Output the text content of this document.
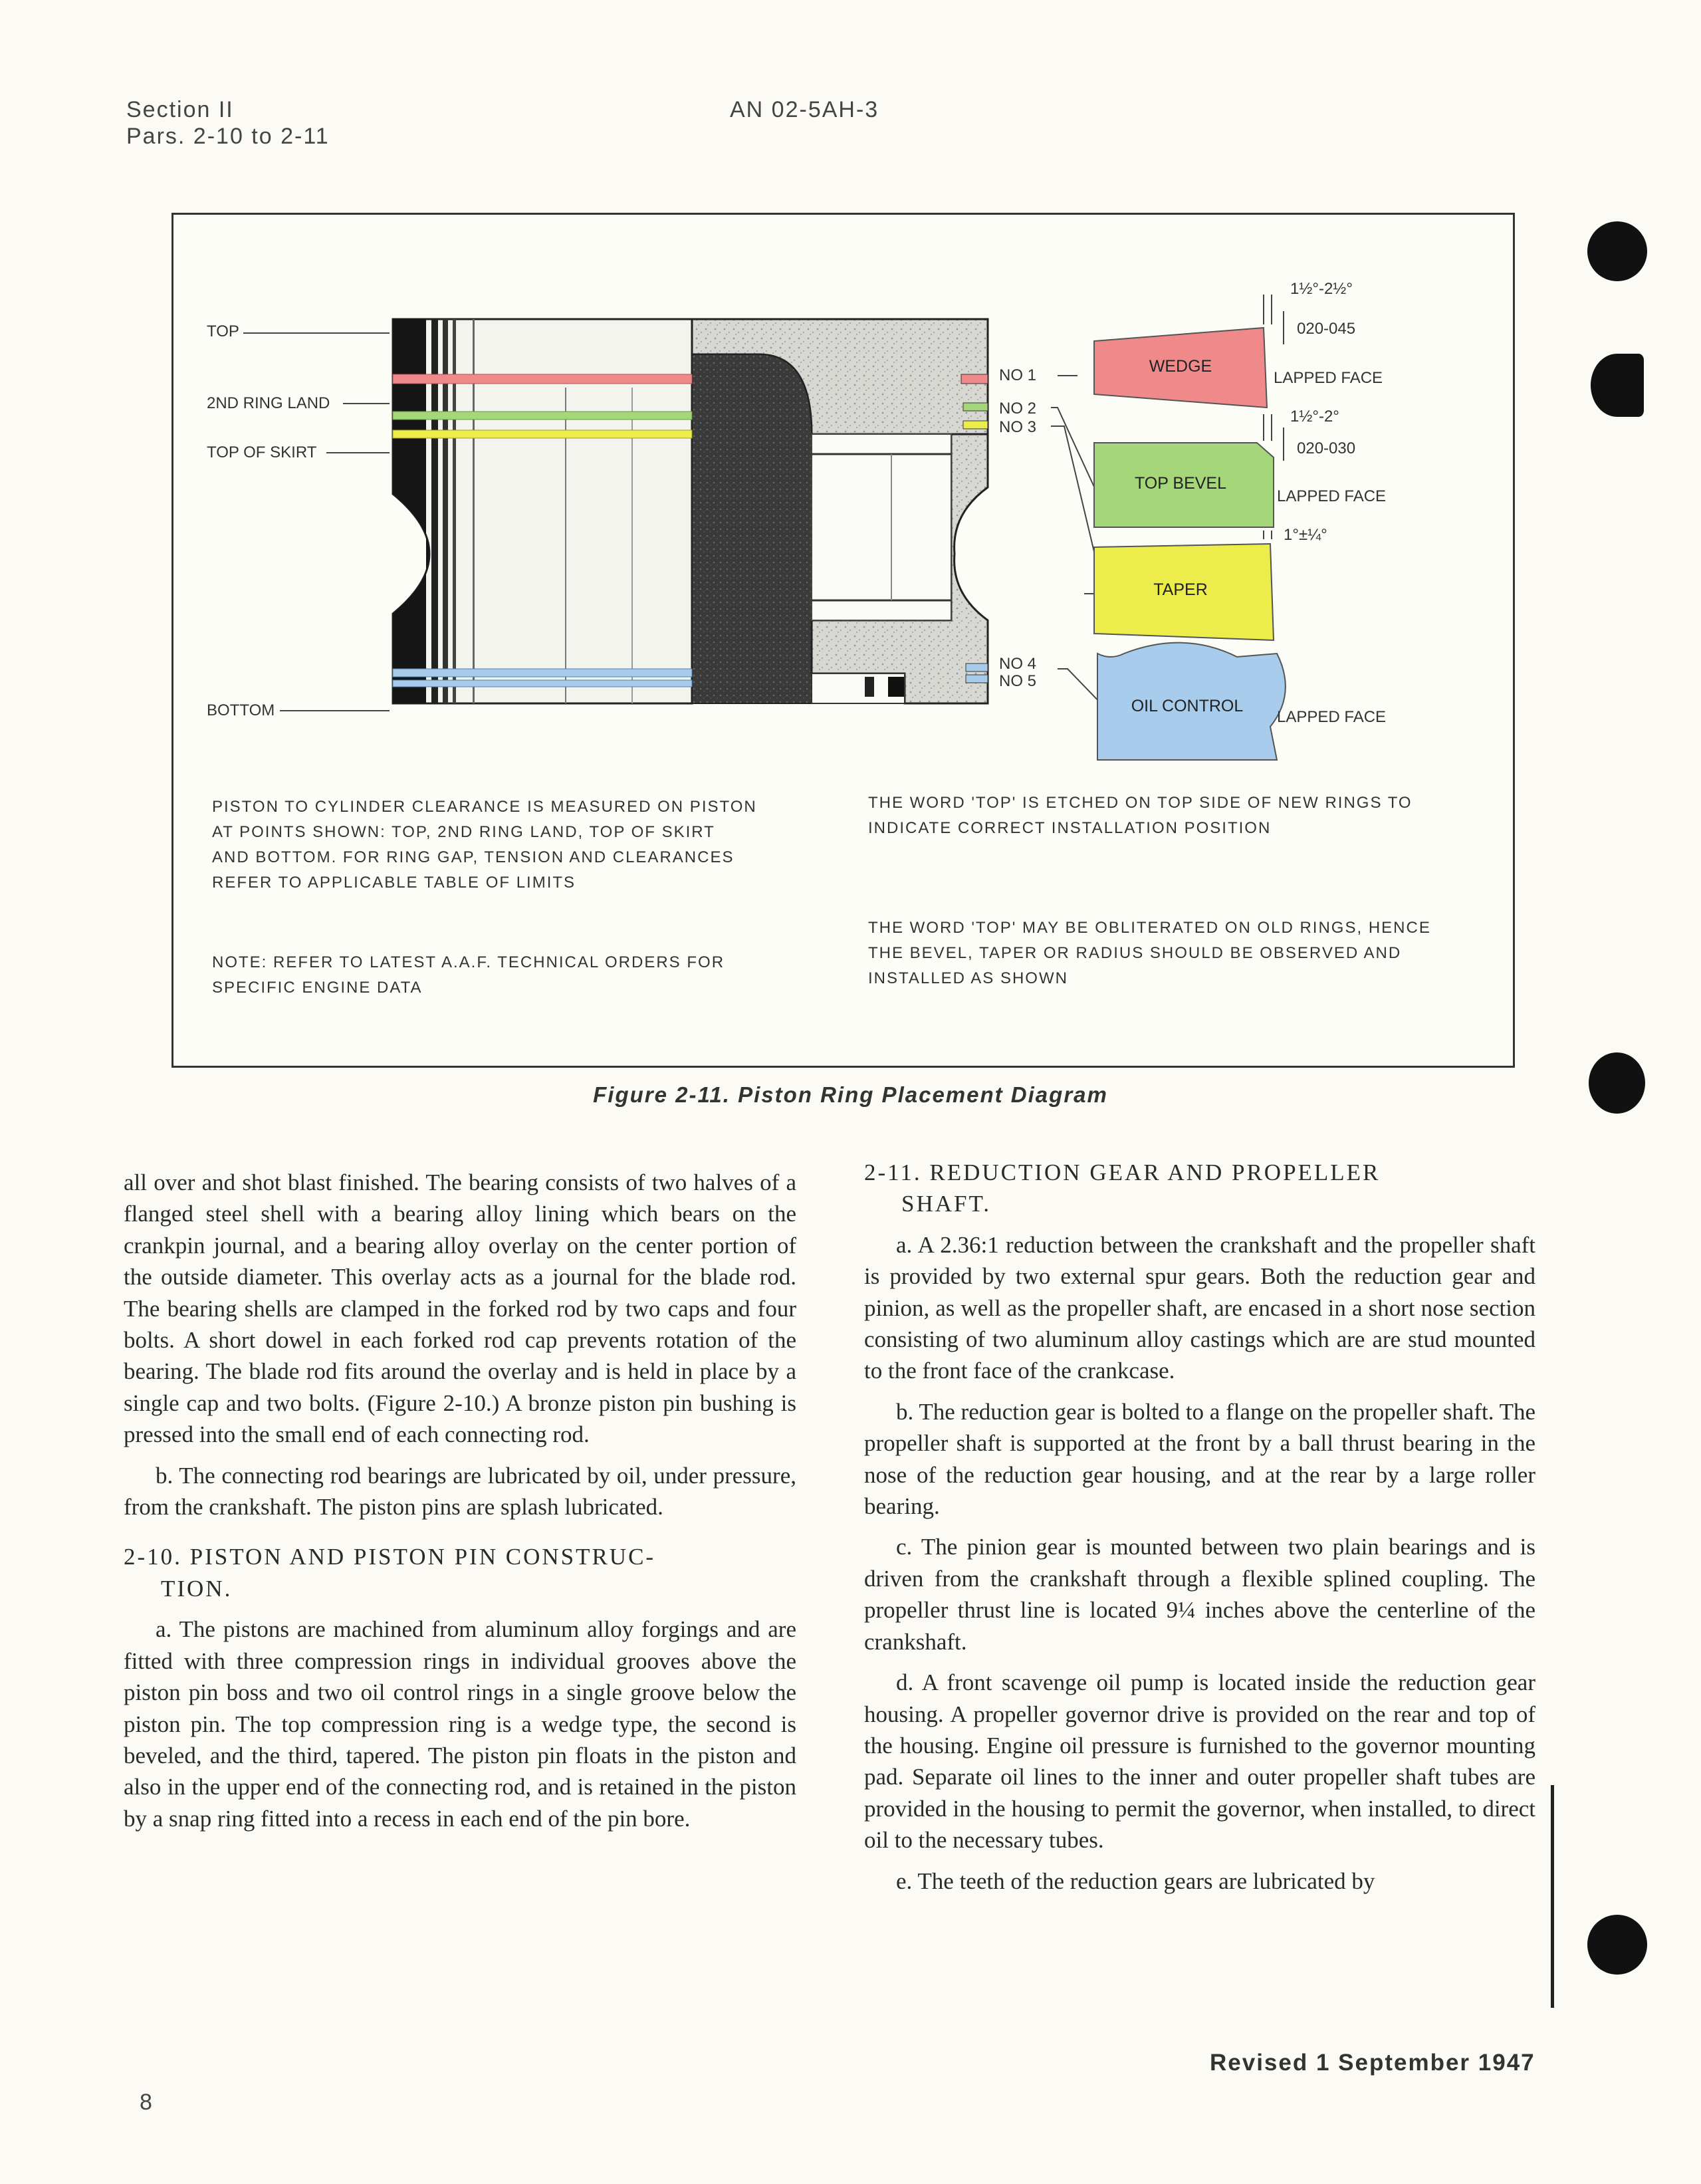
Section II
Pars. 2-10 to 2-11
AN 02-5AH-3
TOP
2ND RING LAND
TOP OF SKIRT
BOTTOM
NO 1
NO 2
NO 3
NO 4
NO 5
WEDGE
TOP BEVEL
TAPER
OIL CONTROL
1½°-2½°
020-045
LAPPED FACE
1½°-2°
020-030
LAPPED FACE
1°±¼°
LAPPED FACE
PISTON TO CYLINDER CLEARANCE IS MEASURED ON PISTON AT POINTS SHOWN: TOP, 2ND RING LAND, TOP OF SKIRT AND BOTTOM. FOR RING GAP, TENSION AND CLEARANCES REFER TO APPLICABLE TABLE OF LIMITS
NOTE: REFER TO LATEST A.A.F. TECHNICAL ORDERS FOR SPECIFIC ENGINE DATA
THE WORD 'TOP' IS ETCHED ON TOP SIDE OF NEW RINGS TO INDICATE CORRECT INSTALLATION POSITION
THE WORD 'TOP' MAY BE OBLITERATED ON OLD RINGS, HENCE THE BEVEL, TAPER OR RADIUS SHOULD BE OBSERVED AND INSTALLED AS SHOWN
Figure 2-11. Piston Ring Placement Diagram

all over and shot blast finished. The bearing consists of two halves of a flanged steel shell with a bearing alloy lining which bears on the crankpin journal, and a bearing alloy overlay on the center portion of the outside diameter. This overlay acts as a journal for the blade rod. The bearing shells are clamped in the forked rod by two caps and four bolts. A short dowel in each forked rod cap prevents rotation of the bearing. The blade rod fits around the overlay and is held in place by a single cap and two bolts. (Figure 2-10.) A bronze piston pin bushing is pressed into the small end of each connecting rod.

b. The connecting rod bearings are lubricated by oil, under pressure, from the crankshaft. The piston pins are splash lubricated.

2-10. PISTON AND PISTON PIN CONSTRUC-
TION.

a. The pistons are machined from aluminum alloy forgings and are fitted with three compression rings in individual grooves above the piston pin boss and two oil control rings in a single groove below the piston pin. The top compression ring is a wedge type, the second is beveled, and the third, tapered. The piston pin floats in the piston and also in the upper end of the connecting rod, and is retained in the piston by a snap ring fitted into a recess in each end of the pin bore.

2-11. REDUCTION GEAR AND PROPELLER
SHAFT.

a. A 2.36:1 reduction between the crankshaft and the propeller shaft is provided by two external spur gears. Both the reduction gear and pinion, as well as the propeller shaft, are encased in a short nose section consisting of two aluminum alloy castings which are are stud mounted to the front face of the crankcase.

b. The reduction gear is bolted to a flange on the propeller shaft. The propeller shaft is supported at the front by a ball thrust bearing in the nose of the reduction gear housing, and at the rear by a large roller bearing.

c. The pinion gear is mounted between two plain bearings and is driven from the crankshaft through a flexible splined coupling. The propeller thrust line is located 9¼ inches above the centerline of the crankshaft.

d. A front scavenge oil pump is located inside the reduction gear housing. A propeller governor drive is provided on the rear and top of the housing. Engine oil pressure is furnished to the governor mounting pad. Separate oil lines to the inner and outer propeller shaft tubes are provided in the housing to permit the governor, when installed, to direct oil to the necessary tubes.

e. The teeth of the reduction gears are lubricated by

8
Revised 1 September 1947
